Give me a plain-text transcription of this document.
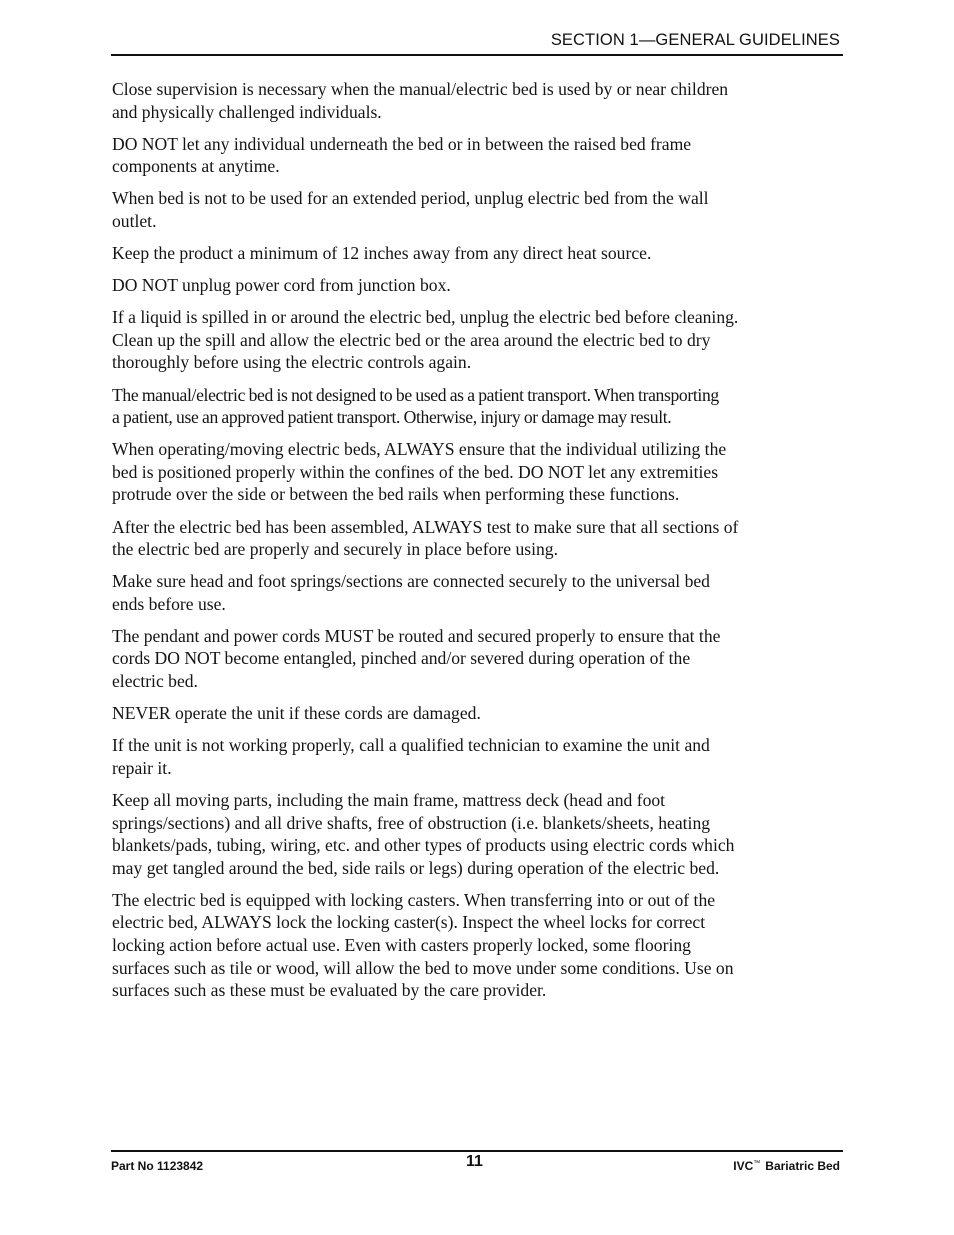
SECTION 1—GENERAL GUIDELINES

Close supervision is necessary when the manual/electric bed is used by or near children
and physically challenged individuals.

DO NOT let any individual underneath the bed or in between the raised bed frame
components at anytime.

When bed is not to be used for an extended period, unplug electric bed from the wall
outlet.

Keep the product a minimum of 12 inches away from any direct heat source.

DO NOT unplug power cord from junction box.

If a liquid is spilled in or around the electric bed, unplug the electric bed before cleaning.
Clean up the spill and allow the electric bed or the area around the electric bed to dry
thoroughly before using the electric controls again.

The manual/electric bed is not designed to be used as a patient transport. When transporting
a patient, use an approved patient transport. Otherwise, injury or damage may result.

When operating/moving electric beds, ALWAYS ensure that the individual utilizing the
bed is positioned properly within the confines of the bed. DO NOT let any extremities
protrude over the side or between the bed rails when performing these functions.

After the electric bed has been assembled, ALWAYS test to make sure that all sections of
the electric bed are properly and securely in place before using.

Make sure head and foot springs/sections are connected securely to the universal bed
ends before use.

The pendant and power cords MUST be routed and secured properly to ensure that the
cords DO NOT become entangled, pinched and/or severed during operation of the
electric bed.

NEVER operate the unit if these cords are damaged.

If the unit is not working properly, call a qualified technician to examine the unit and
repair it.

Keep all moving parts, including the main frame, mattress deck (head and foot
springs/sections) and all drive shafts, free of obstruction (i.e. blankets/sheets, heating
blankets/pads, tubing, wiring, etc. and other types of products using electric cords which
may get tangled around the bed, side rails or legs) during operation of the electric bed.

The electric bed is equipped with locking casters. When transferring into or out of the
electric bed, ALWAYS lock the locking caster(s). Inspect the wheel locks for correct
locking action before actual use. Even with casters properly locked, some flooring
surfaces such as tile or wood, will allow the bed to move under some conditions. Use on
surfaces such as these must be evaluated by the care provider.

Part No 1123842	11	IVC™ Bariatric Bed
